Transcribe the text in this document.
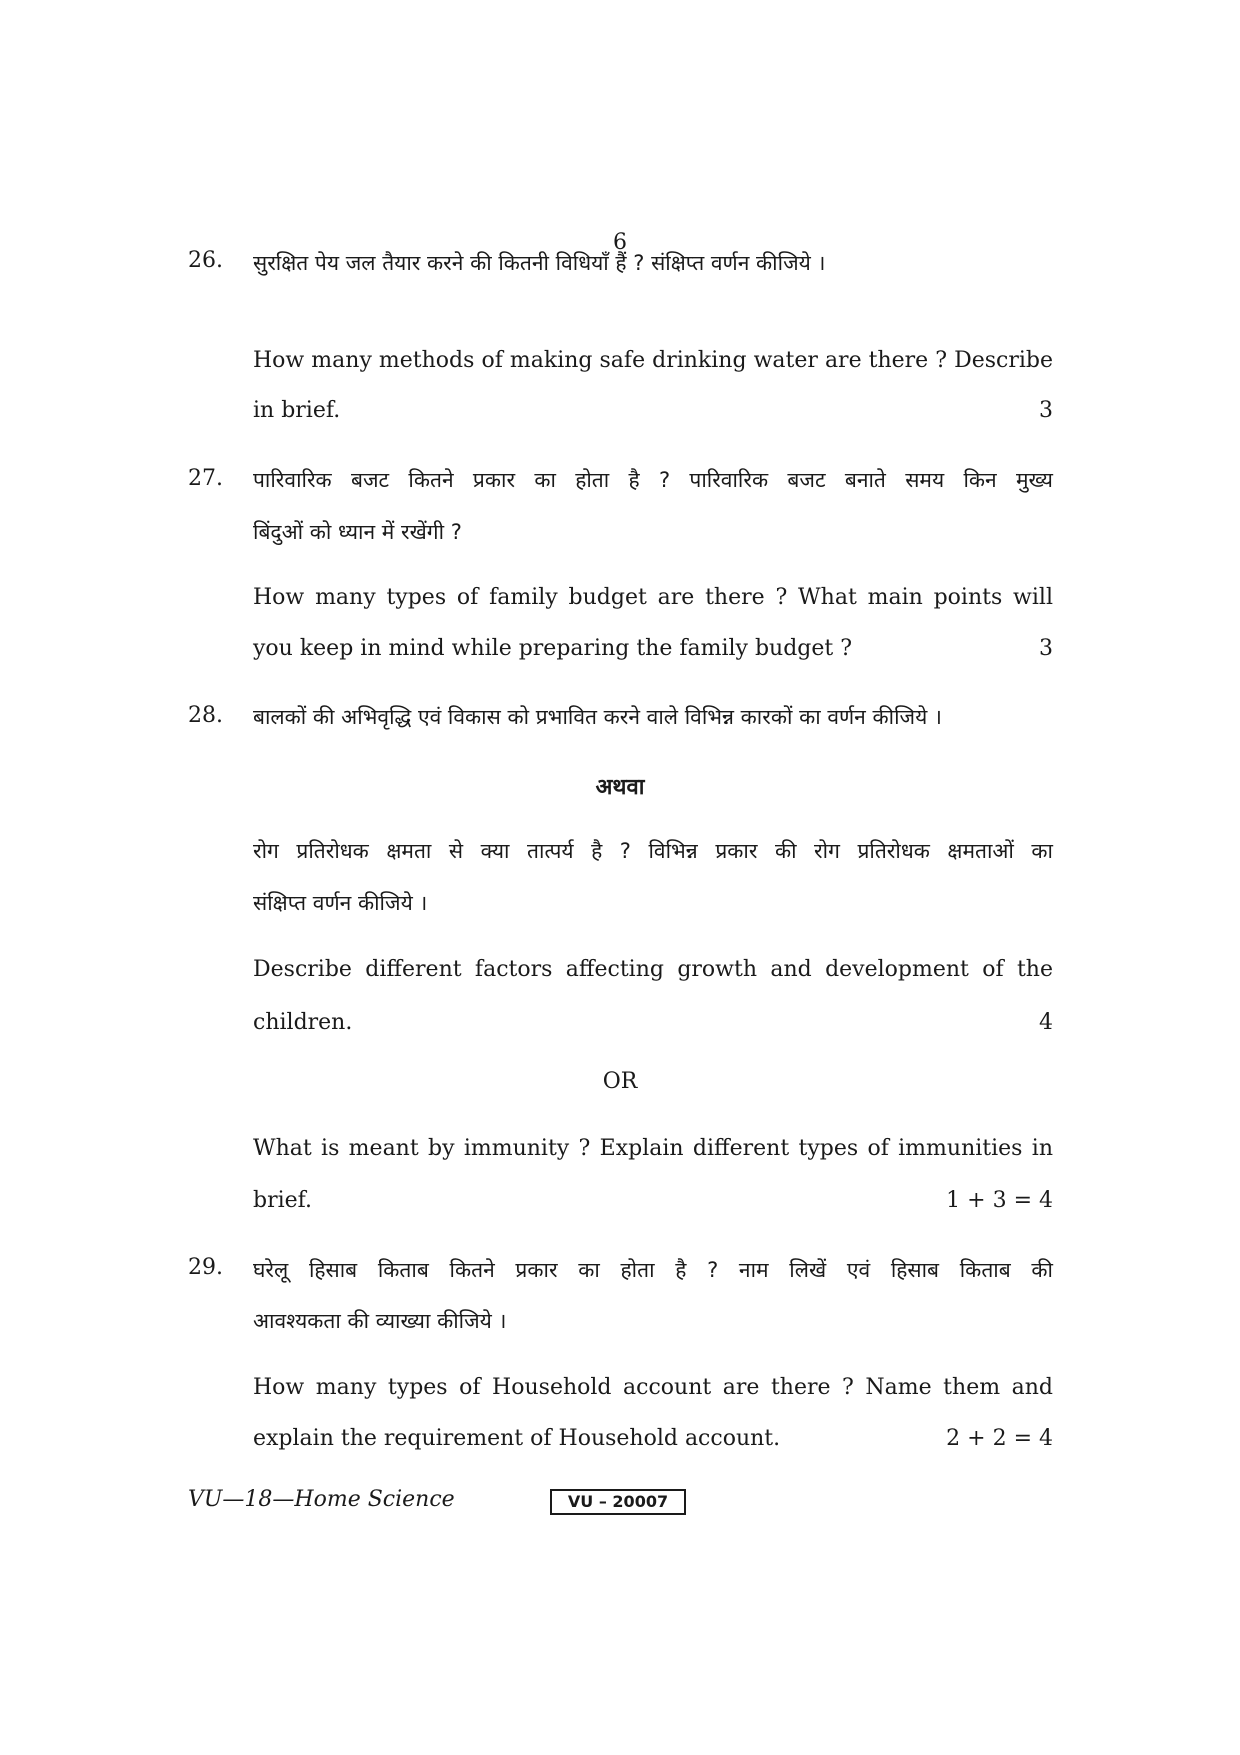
6
26.	सुरक्षित पेय जल तैयार करने की कितनी विधियाँ हैं ? संक्षिप्त वर्णन कीजिये ।
How many methods of making safe drinking water are there ? Describe
in brief.	3
27.	पारिवारिक बजट कितने प्रकार का होता है ? पारिवारिक बजट बनाते समय किन मुख्य
बिंदुओं को ध्यान में रखेंगी ?
How many types of family budget are there ? What main points will
you keep in mind while preparing the family budget ?	3
28.	बालकों की अभिवृद्धि एवं विकास को प्रभावित करने वाले विभिन्न कारकों का वर्णन कीजिये ।
अथवा
रोग प्रतिरोधक क्षमता से क्या तात्पर्य है ? विभिन्न प्रकार की रोग प्रतिरोधक क्षमताओं का
संक्षिप्त वर्णन कीजिये ।
Describe different factors affecting growth and development of the
children.	4
OR
What is meant by immunity ? Explain different types of immunities in
brief.	1 + 3 = 4
29.	घरेलू हिसाब किताब कितने प्रकार का होता है ? नाम लिखें एवं हिसाब किताब की
आवश्यकता की व्याख्या कीजिये ।
How many types of Household account are there ? Name them and
explain the requirement of Household account.	2 + 2 = 4
VU—18—Home Science	VU – 20007
